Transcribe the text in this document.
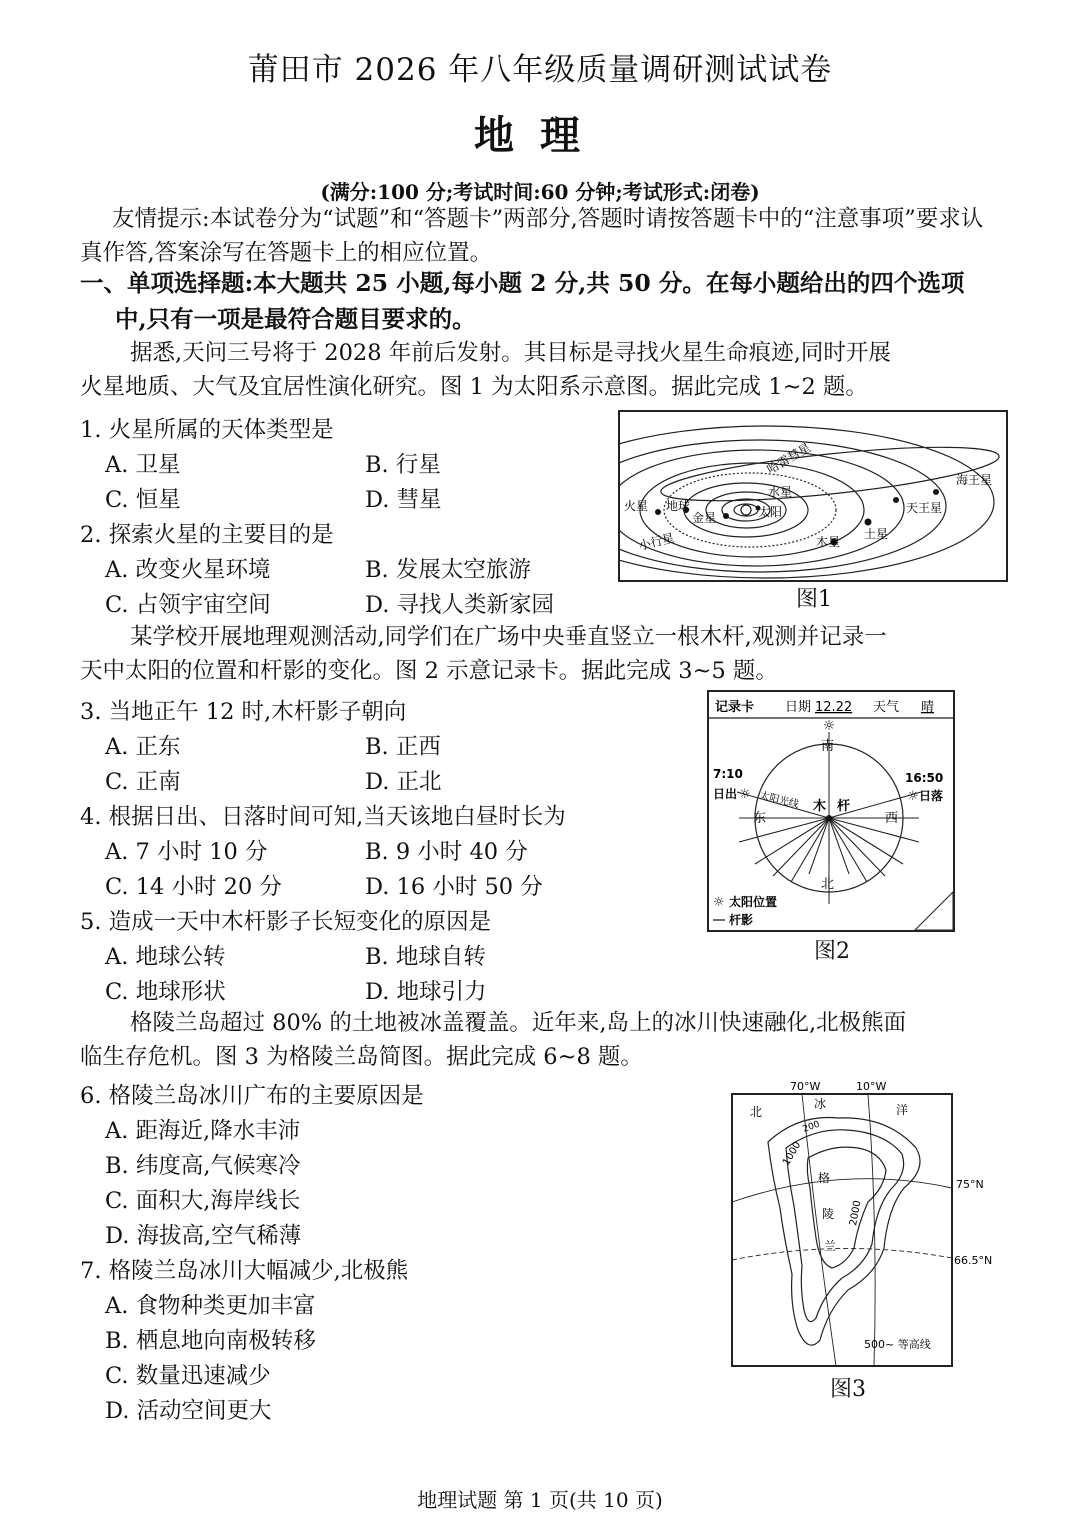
莆田市 2026 年八年级质量调研测试试卷
地理
(满分:100 分;考试时间:60 分钟;考试形式:闭卷)
友情提示:本试卷分为“试题”和“答题卡”两部分,答题时请按答题卡中的“注意事项”要求认
真作答,答案涂写在答题卡上的相应位置。
一、单项选择题:本大题共 25 小题,每小题 2 分,共 50 分。在每小题给出的四个选项
中,只有一项是最符合题目要求的。
据悉,天问三号将于 2028 年前后发射。其目标是寻找火星生命痕迹,同时开展
火星地质、大气及宜居性演化研究。图 1 为太阳系示意图。据此完成 1~2 题。
1. 火星所属的天体类型是
A. 卫星	B. 行星
C. 恒星	D. 彗星
2. 探索火星的主要目的是
A. 改变火星环境	B. 发展太空旅游
C. 占领宇宙空间	D. 寻找人类新家园
水星
太阳
金星
地球
火星
小行星	木星
土星
天王星
海王星
哈雷彗星
图1
某学校开展地理观测活动,同学们在广场中央垂直竖立一根木杆,观测并记录一
天中太阳的位置和杆影的变化。图 2 示意记录卡。据此完成 3~5 题。
3. 当地正午 12 时,木杆影子朝向
A. 正东	B. 正西
C. 正南	D. 正北
4. 根据日出、日落时间可知,当天该地白昼时长为
A. 7 小时 10 分	B. 9 小时 40 分
C. 14 小时 20 分	D. 16 小时 50 分
5. 造成一天中木杆影子长短变化的原因是
A. 地球公转	B. 地球自转
C. 地球形状	D. 地球引力
记录卡 日期 12.22 天气 晴
☼
南
北
东	西
7:10
日出 ☼
16:50
☼ 日落
太阳光线 木 杆
☼ 太阳位置
杆影
图2
格陵兰岛超过 80% 的土地被冰盖覆盖。近年来,岛上的冰川快速融化,北极熊面
临生存危机。图 3 为格陵兰岛简图。据此完成 6~8 题。
6. 格陵兰岛冰川广布的主要原因是
A. 距海近,降水丰沛
B. 纬度高,气候寒冷
C. 面积大,海岸线长
D. 海拔高,空气稀薄
7. 格陵兰岛冰川大幅减少,北极熊
A. 食物种类更加丰富
B. 栖息地向南极转移
C. 数量迅速减少
D. 活动空间更大
70°W	10°W
75°N
66.5°N
北
冰	洋
格
陵
兰
1000
2000
200
500~ 等高线
图3
地理试题 第 1 页(共 10 页)
